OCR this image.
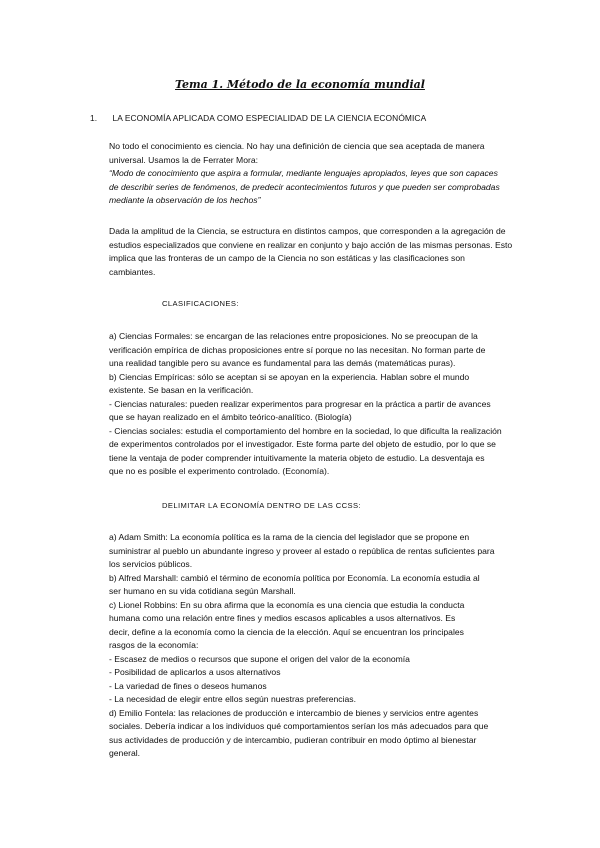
Tema 1. Método de la economía mundial
1. LA ECONOMÍA APLICADA COMO ESPECIALIDAD DE LA CIENCIA ECONÓMICA
No todo el conocimiento es ciencia. No hay una definición de ciencia que sea aceptada de manera
universal. Usamos la de Ferrater Mora:
“Modo de conocimiento que aspira a formular, mediante lenguajes apropiados, leyes que son capaces
de describir series de fenómenos, de predecir acontecimientos futuros y que pueden ser comprobadas
mediante la observación de los hechos”
Dada la amplitud de la Ciencia, se estructura en distintos campos, que corresponden a la agregación de
estudios especializados que conviene en realizar en conjunto y bajo acción de las mismas personas. Esto
implica que las fronteras de un campo de la Ciencia no son estáticas y las clasificaciones son
cambiantes.
CLASIFICACIONES:
a) Ciencias Formales: se encargan de las relaciones entre proposiciones. No se preocupan de la
verificación empírica de dichas proposiciones entre sí porque no las necesitan. No forman parte de
una realidad tangible pero su avance es fundamental para las demás (matemáticas puras).
b) Ciencias Empíricas: sólo se aceptan si se apoyan en la experiencia. Hablan sobre el mundo
existente. Se basan en la verificación.
- Ciencias naturales: pueden realizar experimentos para progresar en la práctica a partir de avances
que se hayan realizado en el ámbito teórico-analítico. (Biología)
- Ciencias sociales: estudia el comportamiento del hombre en la sociedad, lo que dificulta la realización
de experimentos controlados por el investigador. Este forma parte del objeto de estudio, por lo que se
tiene la ventaja de poder comprender intuitivamente la materia objeto de estudio. La desventaja es
que no es posible el experimento controlado. (Economía).
DELIMITAR LA ECONOMÍA DENTRO DE LAS CCSS:
a) Adam Smith: La economía política es la rama de la ciencia del legislador que se propone en
suministrar al pueblo un abundante ingreso y proveer al estado o república de rentas suficientes para
los servicios públicos.
b) Alfred Marshall: cambió el término de economía política por Economía. La economía estudia al
ser humano en su vida cotidiana según Marshall.
c) Lionel Robbins: En su obra afirma que la economía es una ciencia que estudia la conducta
humana como una relación entre fines y medios escasos aplicables a usos alternativos. Es
decir, define a la economía como la ciencia de la elección. Aquí se encuentran los principales
rasgos de la economía:
- Escasez de medios o recursos que supone el origen del valor de la economía
- Posibilidad de aplicarlos a usos alternativos
- La variedad de fines o deseos humanos
- La necesidad de elegir entre ellos según nuestras preferencias.
d) Emilio Fontela: las relaciones de producción e intercambio de bienes y servicios entre agentes
sociales. Debería indicar a los individuos qué comportamientos serían los más adecuados para que
sus actividades de producción y de intercambio, pudieran contribuir en modo óptimo al bienestar
general.
